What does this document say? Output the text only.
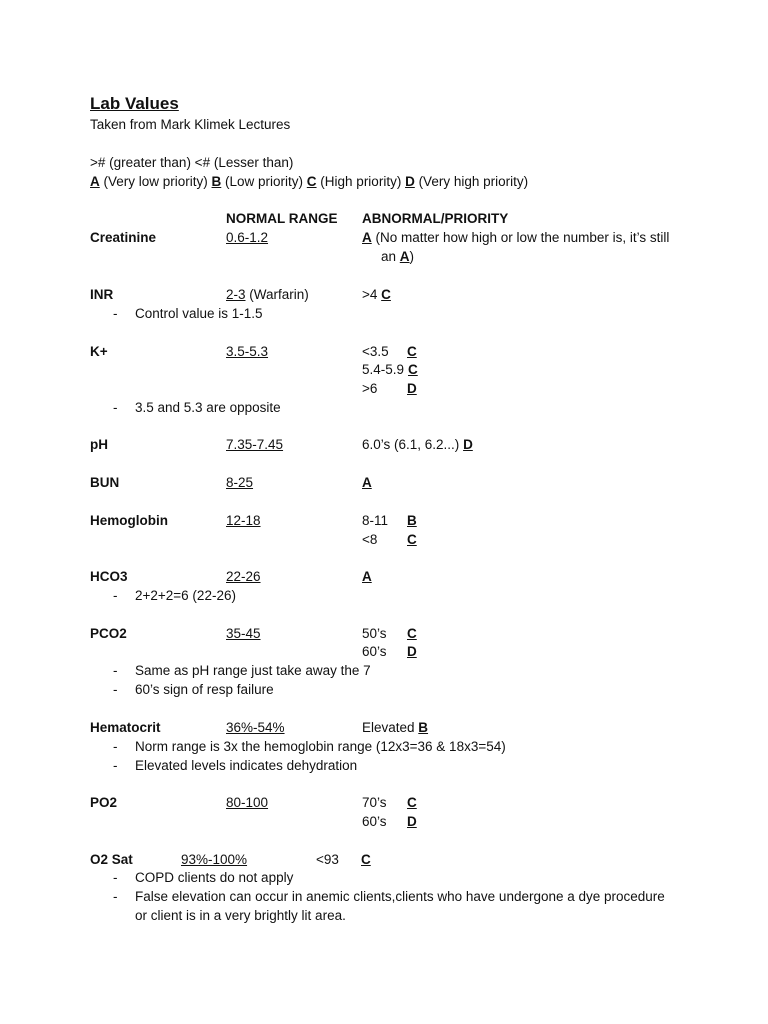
Lab Values
Taken from Mark Klimek Lectures
># (greater than) <# (Lesser than)
A (Very low priority) B (Low priority) C (High priority) D (Very high priority)
NORMAL RANGE ABNORMAL/PRIORITY
Creatinine	0.6-1.2	A (No matter how high or low the number is, it’s still
an A)
INR	2-3 (Warfarin)	>4 C
- Control value is 1-1.5
K+	3.5-5.3	<3.5 C
5.4-5.9 C
>6 D
- 3.5 and 5.3 are opposite
pH	7.35-7.45	6.0’s (6.1, 6.2...) D
BUN	8-25	A
Hemoglobin	12-18	8-11 B
<8 C
HCO3	22-26	A
- 2+2+2=6 (22-26)
PCO2	35-45	50’s C
60’s D
- Same as pH range just take away the 7
- 60’s sign of resp failure
Hematocrit	36%-54%	Elevated B
- Norm range is 3x the hemoglobin range (12x3=36 & 18x3=54)
- Elevated levels indicates dehydration
PO2	80-100	70’s C
60’s D
O2 Sat	93%-100%	<93 C
- COPD clients do not apply
- False elevation can occur in anemic clients,clients who have undergone a dye procedure
or client is in a very brightly lit area.
